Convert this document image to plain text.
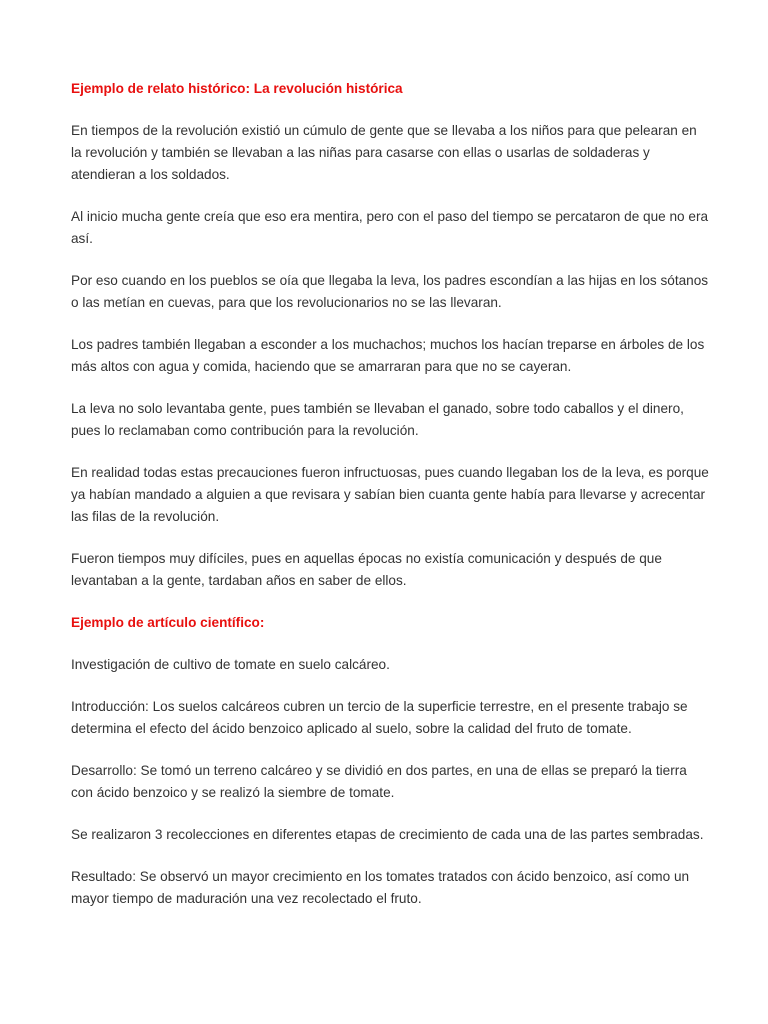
Ejemplo de relato histórico: La revolución histórica
En tiempos de la revolución existió un cúmulo de gente que se llevaba a los niños para que pelearan en la revolución y también se llevaban a las niñas para casarse con ellas o usarlas de soldaderas y atendieran a los soldados.
Al inicio mucha gente creía que eso era mentira, pero con el paso del tiempo se percataron de que no era así.
Por eso cuando en los pueblos se oía que llegaba la leva, los padres escondían a las hijas en los sótanos o las metían en cuevas, para que los revolucionarios no se las llevaran.
Los padres también llegaban a esconder a los muchachos; muchos los hacían treparse en árboles de los más altos con agua y comida, haciendo que se amarraran para que no se cayeran.
La leva no solo levantaba gente, pues también se llevaban el ganado, sobre todo caballos y el dinero, pues lo reclamaban como contribución para la revolución.
En realidad todas estas precauciones fueron infructuosas, pues cuando llegaban los de la leva, es porque ya habían mandado a alguien a que revisara y sabían bien cuanta gente había para llevarse y acrecentar las filas de la revolución.
Fueron tiempos muy difíciles, pues en aquellas épocas no existía comunicación y después de que levantaban a la gente, tardaban años en saber de ellos.
Ejemplo de artículo científico:
Investigación de cultivo de tomate en suelo calcáreo.
Introducción: Los suelos calcáreos cubren un tercio de la superficie terrestre, en el presente trabajo se determina el efecto del ácido benzoico aplicado al suelo, sobre la calidad del fruto de tomate.
Desarrollo: Se tomó un terreno calcáreo y se dividió en dos partes, en una de ellas se preparó la tierra con ácido benzoico y se realizó la siembre de tomate.
Se realizaron 3 recolecciones en diferentes etapas de crecimiento de cada una de las partes sembradas.
Resultado: Se observó un mayor crecimiento en los tomates tratados con ácido benzoico, así como un mayor tiempo de maduración una vez recolectado el fruto.
